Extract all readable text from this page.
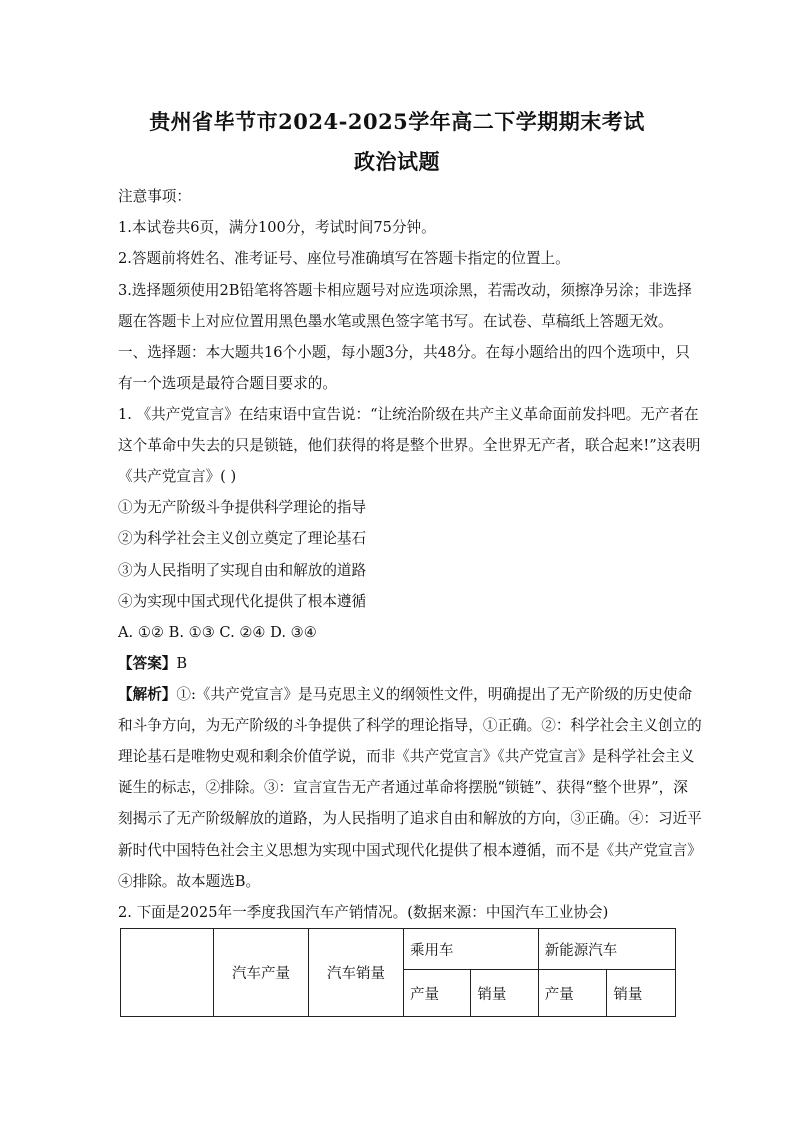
贵州省毕节市2024-2025学年高二下学期期末考试
政治试题
注意事项：
1.本试卷共6页，满分100分，考试时间75分钟。
2.答题前将姓名、准考证号、座位号准确填写在答题卡指定的位置上。
3.选择题须使用2B铅笔将答题卡相应题号对应选项涂黑，若需改动，须擦净另涂；非选择
题在答题卡上对应位置用黑色墨水笔或黑色签字笔书写。在试卷、草稿纸上答题无效。
一、选择题：本大题共16个小题，每小题3分，共48分。在每小题给出的四个选项中，只
有一个选项是最符合题目要求的。
1. 《共产党宣言》在结束语中宣告说：“让统治阶级在共产主义革命面前发抖吧。无产者在
这个革命中失去的只是锁链，他们获得的将是整个世界。全世界无产者，联合起来!”这表明
《共产党宣言》( )
①为无产阶级斗争提供科学理论的指导
②为科学社会主义创立奠定了理论基石
③为人民指明了实现自由和解放的道路
④为实现中国式现代化提供了根本遵循
A. ①② B. ①③ C. ②④ D. ③④
【答案】B
【解析】①:《共产党宣言》是马克思主义的纲领性文件，明确提出了无产阶级的历史使命
和斗争方向，为无产阶级的斗争提供了科学的理论指导，①正确。②：科学社会主义创立的
理论基石是唯物史观和剩余价值学说，而非《共产党宣言》《共产党宣言》是科学社会主义
诞生的标志，②排除。③：宣言宣告无产者通过革命将摆脱“锁链”、获得“整个世界”，深
刻揭示了无产阶级解放的道路，为人民指明了追求自由和解放的方向，③正确。④：习近平
新时代中国特色社会主义思想为实现中国式现代化提供了根本遵循，而不是《共产党宣言》
④排除。故本题选B。
2. 下面是2025年一季度我国汽车产销情况。(数据来源：中国汽车工业协会)
	汽车产量	汽车销量	乘用车		新能源汽车	
			产量	销量	产量	销量
